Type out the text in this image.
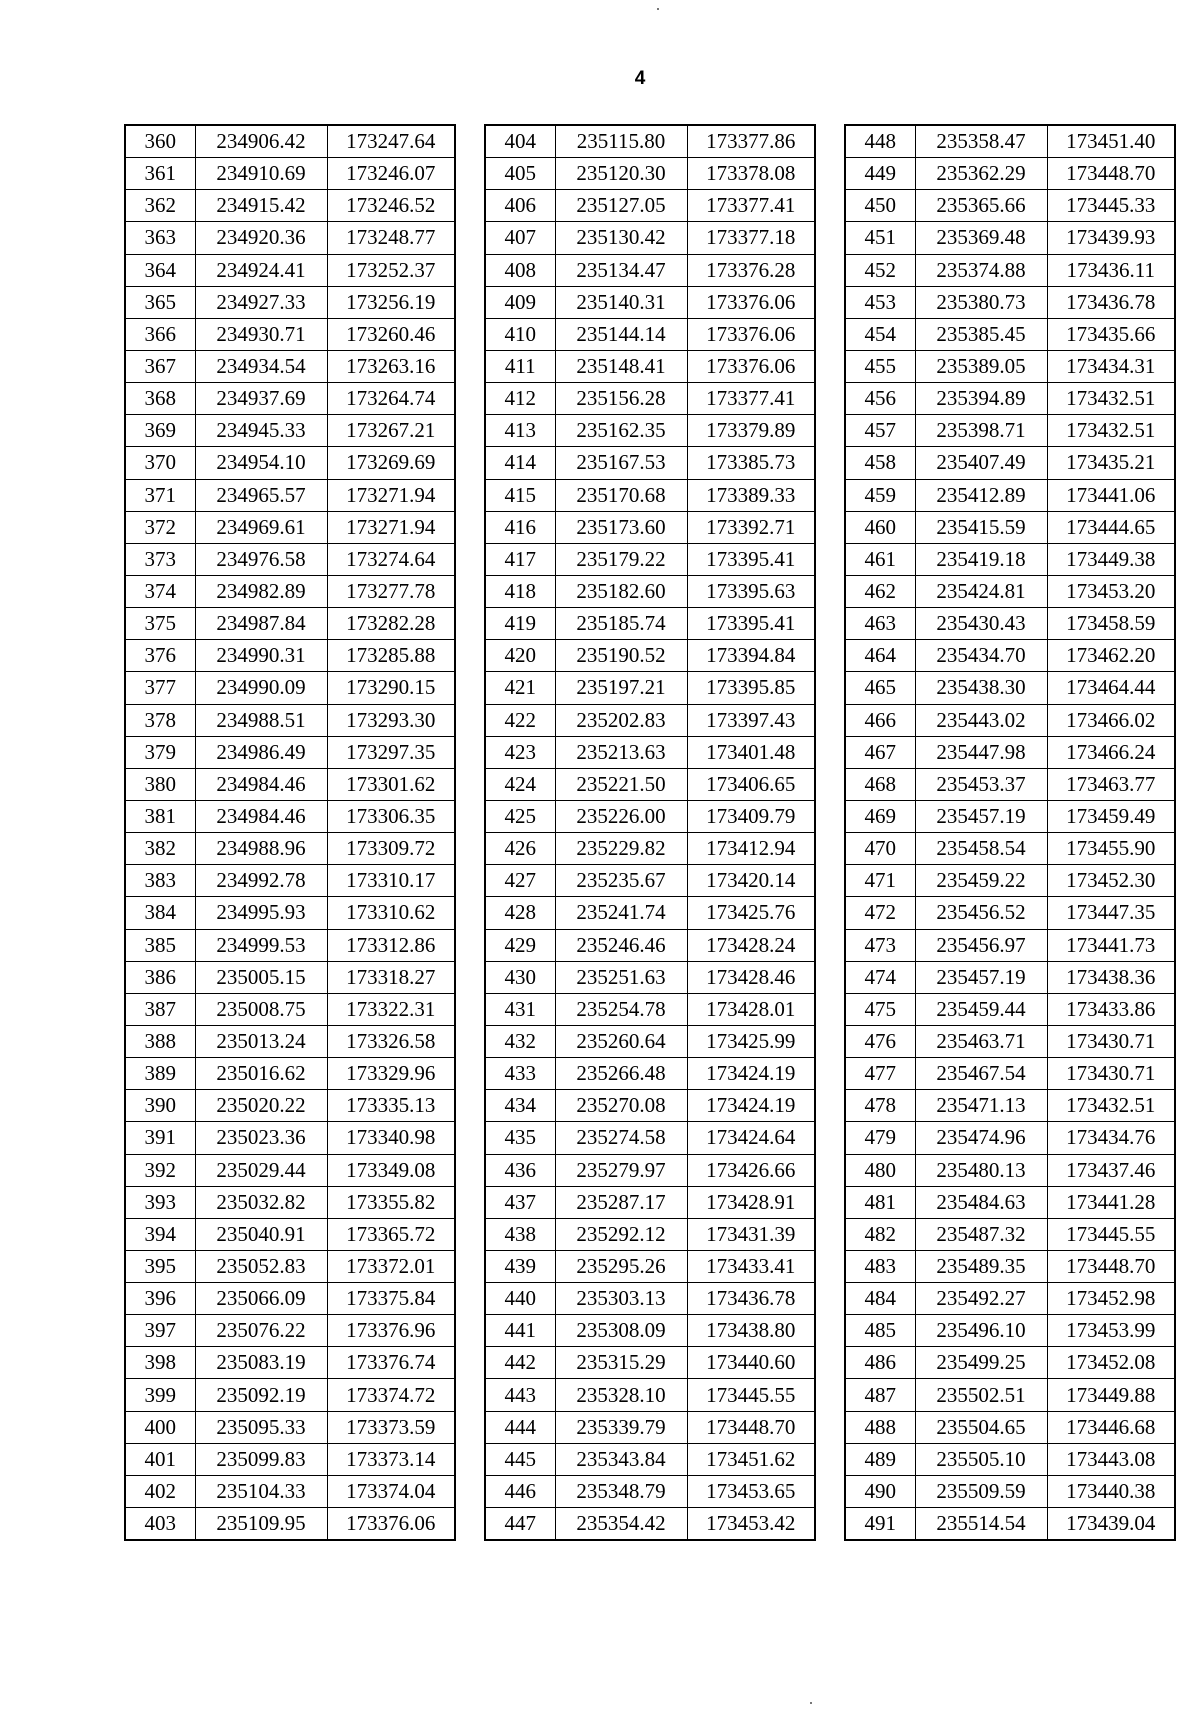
4
360	234906.42	173247.64
361	234910.69	173246.07
362	234915.42	173246.52
363	234920.36	173248.77
364	234924.41	173252.37
365	234927.33	173256.19
366	234930.71	173260.46
367	234934.54	173263.16
368	234937.69	173264.74
369	234945.33	173267.21
370	234954.10	173269.69
371	234965.57	173271.94
372	234969.61	173271.94
373	234976.58	173274.64
374	234982.89	173277.78
375	234987.84	173282.28
376	234990.31	173285.88
377	234990.09	173290.15
378	234988.51	173293.30
379	234986.49	173297.35
380	234984.46	173301.62
381	234984.46	173306.35
382	234988.96	173309.72
383	234992.78	173310.17
384	234995.93	173310.62
385	234999.53	173312.86
386	235005.15	173318.27
387	235008.75	173322.31
388	235013.24	173326.58
389	235016.62	173329.96
390	235020.22	173335.13
391	235023.36	173340.98
392	235029.44	173349.08
393	235032.82	173355.82
394	235040.91	173365.72
395	235052.83	173372.01
396	235066.09	173375.84
397	235076.22	173376.96
398	235083.19	173376.74
399	235092.19	173374.72
400	235095.33	173373.59
401	235099.83	173373.14
402	235104.33	173374.04
403	235109.95	173376.06
404	235115.80	173377.86
405	235120.30	173378.08
406	235127.05	173377.41
407	235130.42	173377.18
408	235134.47	173376.28
409	235140.31	173376.06
410	235144.14	173376.06
411	235148.41	173376.06
412	235156.28	173377.41
413	235162.35	173379.89
414	235167.53	173385.73
415	235170.68	173389.33
416	235173.60	173392.71
417	235179.22	173395.41
418	235182.60	173395.63
419	235185.74	173395.41
420	235190.52	173394.84
421	235197.21	173395.85
422	235202.83	173397.43
423	235213.63	173401.48
424	235221.50	173406.65
425	235226.00	173409.79
426	235229.82	173412.94
427	235235.67	173420.14
428	235241.74	173425.76
429	235246.46	173428.24
430	235251.63	173428.46
431	235254.78	173428.01
432	235260.64	173425.99
433	235266.48	173424.19
434	235270.08	173424.19
435	235274.58	173424.64
436	235279.97	173426.66
437	235287.17	173428.91
438	235292.12	173431.39
439	235295.26	173433.41
440	235303.13	173436.78
441	235308.09	173438.80
442	235315.29	173440.60
443	235328.10	173445.55
444	235339.79	173448.70
445	235343.84	173451.62
446	235348.79	173453.65
447	235354.42	173453.42
448	235358.47	173451.40
449	235362.29	173448.70
450	235365.66	173445.33
451	235369.48	173439.93
452	235374.88	173436.11
453	235380.73	173436.78
454	235385.45	173435.66
455	235389.05	173434.31
456	235394.89	173432.51
457	235398.71	173432.51
458	235407.49	173435.21
459	235412.89	173441.06
460	235415.59	173444.65
461	235419.18	173449.38
462	235424.81	173453.20
463	235430.43	173458.59
464	235434.70	173462.20
465	235438.30	173464.44
466	235443.02	173466.02
467	235447.98	173466.24
468	235453.37	173463.77
469	235457.19	173459.49
470	235458.54	173455.90
471	235459.22	173452.30
472	235456.52	173447.35
473	235456.97	173441.73
474	235457.19	173438.36
475	235459.44	173433.86
476	235463.71	173430.71
477	235467.54	173430.71
478	235471.13	173432.51
479	235474.96	173434.76
480	235480.13	173437.46
481	235484.63	173441.28
482	235487.32	173445.55
483	235489.35	173448.70
484	235492.27	173452.98
485	235496.10	173453.99
486	235499.25	173452.08
487	235502.51	173449.88
488	235504.65	173446.68
489	235505.10	173443.08
490	235509.59	173440.38
491	235514.54	173439.04
